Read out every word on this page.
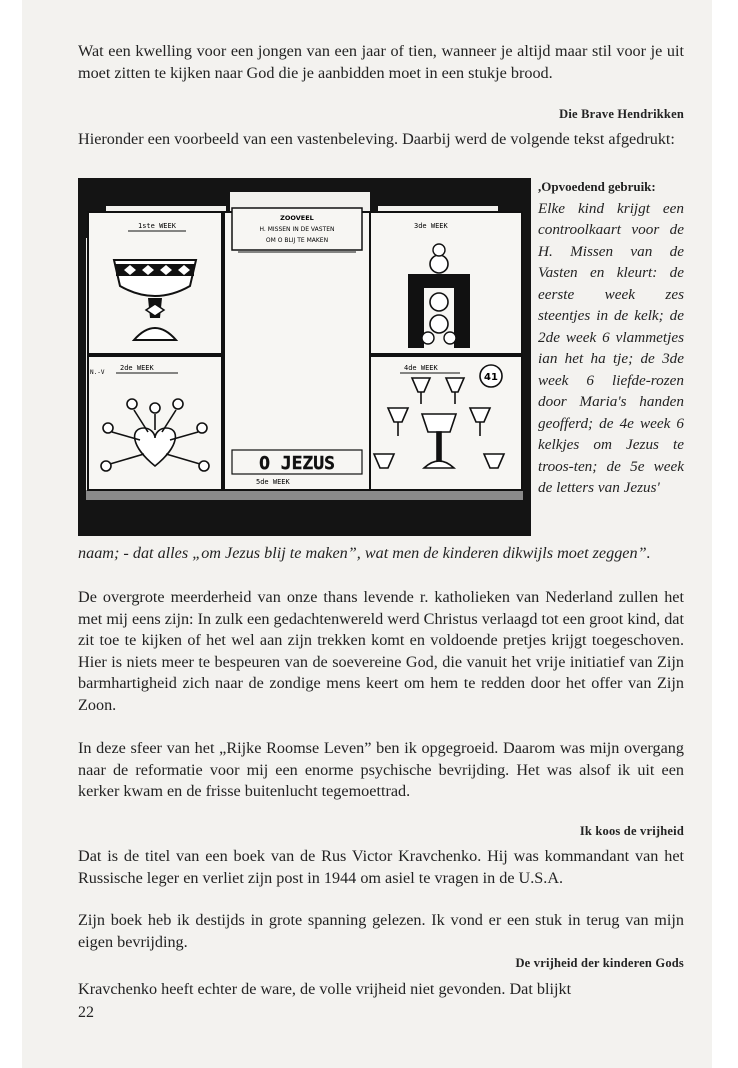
Wat een kwelling voor een jongen van een jaar of tien, wanneer je altijd maar stil voor je uit moet zitten te kijken naar God die je aanbidden moet in een stukje brood.

Die Brave Hendrikken

Hieronder een voorbeeld van een vastenbeleving. Daarbij werd de volgende tekst afgedrukt:

1ste WEEK
2de WEEK
N.-V
3de WEEK
4de WEEK
5de WEEK
ZOOVEEL
H. MISSEN IN DE VASTEN
OM O BLIJ TE MAKEN
O JEZUS
41
,Opvoedend gebruik:
Elke kind krijgt een controolkaart voor de H. Missen van de Vasten en kleurt: de eerste week zes steentjes in de kelk; de 2de week 6 vlammetjes ian het ha tje; de 3de week 6 liefde-rozen door Maria's handen geofferd; de 4e week 6 kelkjes om Jezus te troos-ten; de 5e week de letters van Jezus'

naam; - dat alles „om Jezus blij te maken”, wat men de kinderen dikwijls moet zeggen”.

De overgrote meerderheid van onze thans levende r. katholieken van Nederland zullen het met mij eens zijn: In zulk een gedachtenwereld werd Christus verlaagd tot een groot kind, dat zit toe te kijken of het wel aan zijn trekken komt en voldoende pretjes krijgt toegeschoven. Hier is niets meer te bespeuren van de soevereine God, die vanuit het vrije initiatief van Zijn barmhartigheid zich naar de zondige mens keert om hem te redden door het offer van Zijn Zoon.

In deze sfeer van het „Rijke Roomse Leven” ben ik opgegroeid. Daarom was mijn overgang naar de reformatie voor mij een enorme psychische bevrijding. Het was alsof ik uit een kerker kwam en de frisse buitenlucht tegemoettrad.

Ik koos de vrijheid

Dat is de titel van een boek van de Rus Victor Kravchenko. Hij was kommandant van het Russische leger en verliet zijn post in 1944 om asiel te vragen in de U.S.A.

Zijn boek heb ik destijds in grote spanning gelezen. Ik vond er een stuk in terug van mijn eigen bevrijding.

De vrijheid der kinderen Gods

Kravchenko heeft echter de ware, de volle vrijheid niet gevonden. Dat blijkt

22
